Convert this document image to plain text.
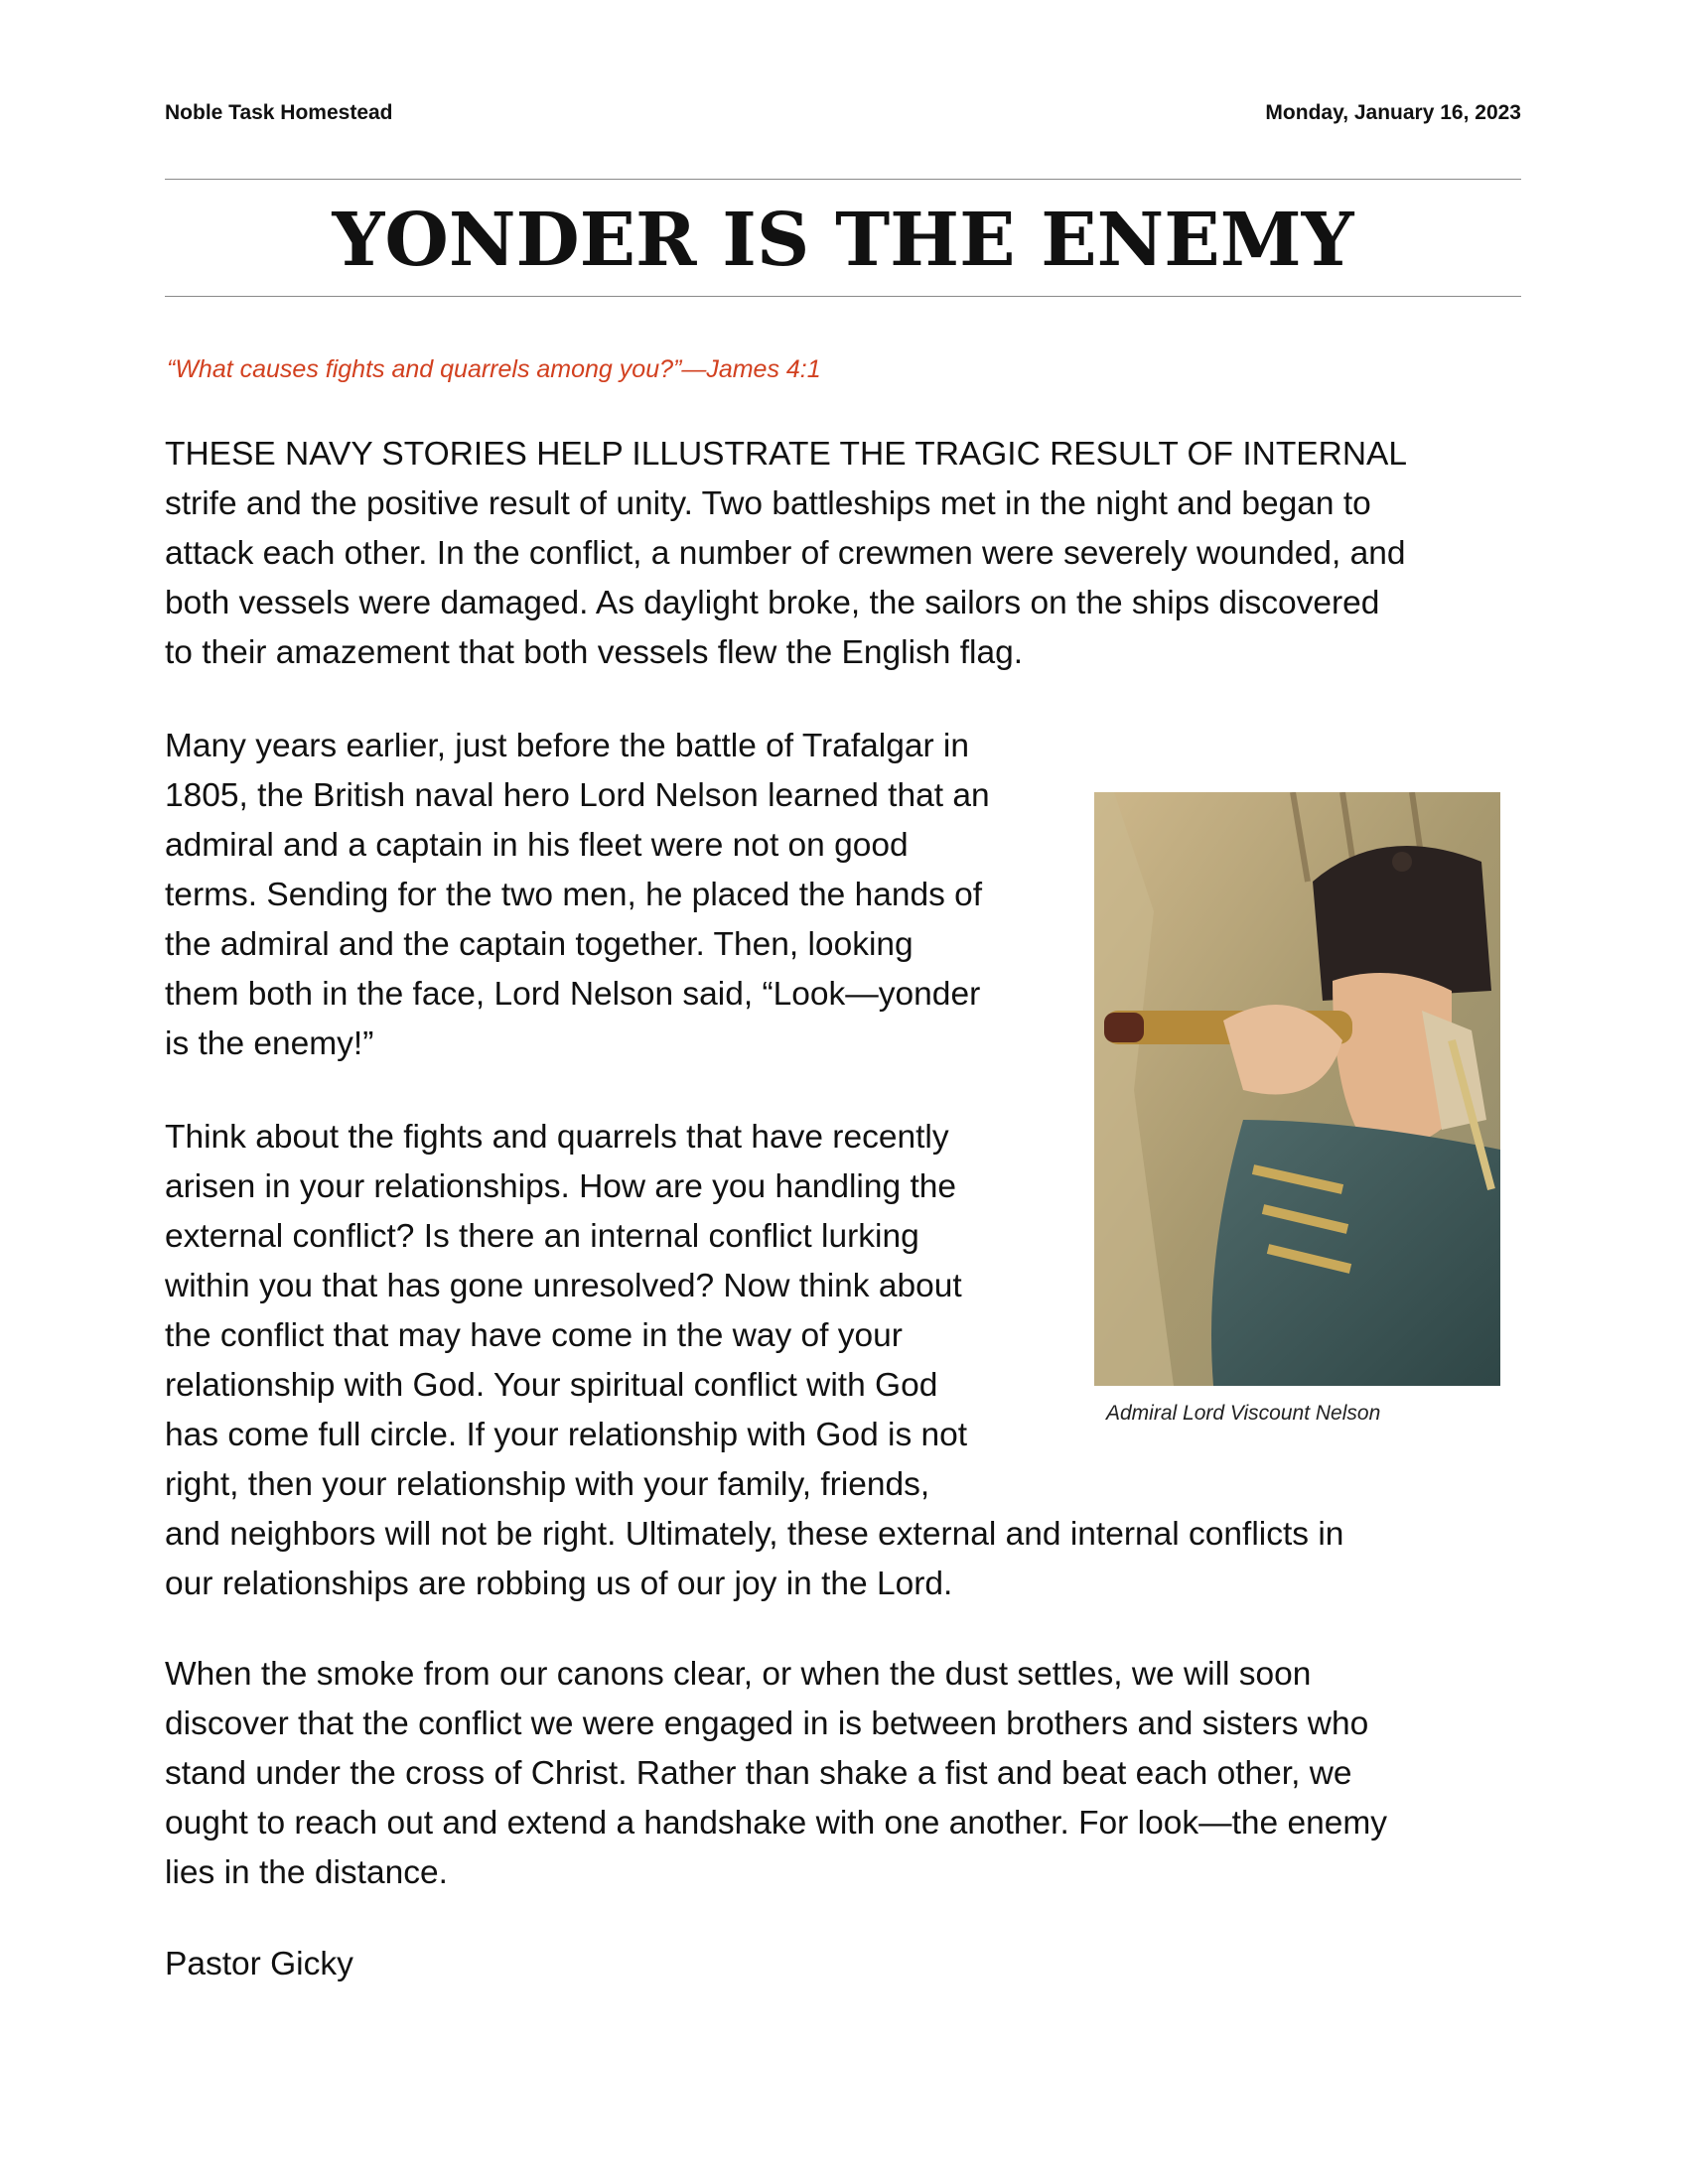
Noble Task Homestead	Monday, January 16, 2023
YONDER IS THE ENEMY
“What causes fights and quarrels among you?”—James 4:1
THESE NAVY STORIES HELP ILLUSTRATE THE TRAGIC RESULT OF INTERNAL
strife and the positive result of unity. Two battleships met in the night and began to
attack each other. In the conflict, a number of crewmen were severely wounded, and
both vessels were damaged. As daylight broke, the sailors on the ships discovered
to their amazement that both vessels flew the English flag.
Many years earlier, just before the battle of Trafalgar in
1805, the British naval hero Lord Nelson learned that an
admiral and a captain in his fleet were not on good
terms. Sending for the two men, he placed the hands of
the admiral and the captain together. Then, looking
them both in the face, Lord Nelson said, “Look—yonder
is the enemy!”
Think about the fights and quarrels that have recently
arisen in your relationships. How are you handling the
external conflict? Is there an internal conflict lurking
within you that has gone unresolved? Now think about
the conflict that may have come in the way of your
relationship with God. Your spiritual conflict with God
has come full circle. If your relationship with God is not
right, then your relationship with your family, friends,
and neighbors will not be right. Ultimately, these external and internal conflicts in
our relationships are robbing us of our joy in the Lord.
When the smoke from our canons clear, or when the dust settles, we will soon
discover that the conflict we were engaged in is between brothers and sisters who
stand under the cross of Christ. Rather than shake a fist and beat each other, we
ought to reach out and extend a handshake with one another. For look—the enemy
lies in the distance.
Pastor Gicky
Admiral Lord Viscount Nelson
